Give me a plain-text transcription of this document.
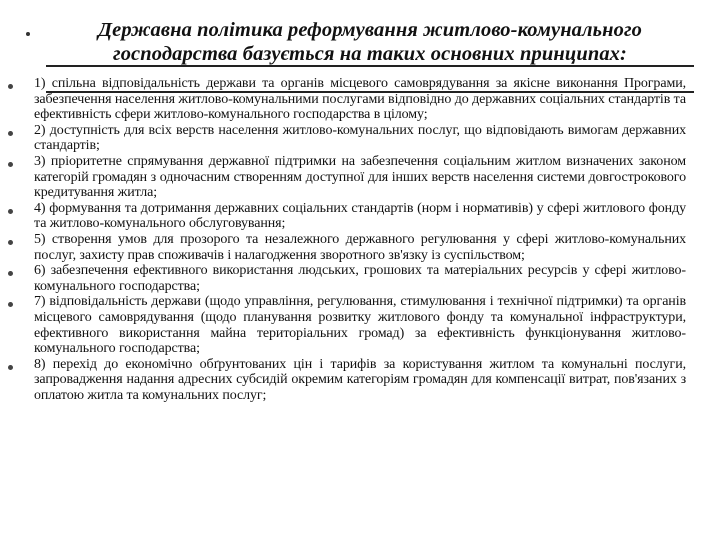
Державна політика реформування житлово-комунального господарства базується на таких основних принципах:
1) спільна відповідальність держави та органів місцевого самоврядування за якісне виконання Програми, забезпечення населення житлово-комунальними послугами відповідно до державних соціальних стандартів та ефективність сфери житлово-комунального господарства в цілому;
2) доступність для всіх верств населення житлово-комунальних послуг, що відповідають вимогам державних стандартів;
3) пріоритетне спрямування державної підтримки на забезпечення соціальним житлом визначених законом категорій громадян з одночасним створенням доступної для інших верств населення системи довгострокового кредитування житла;
4) формування та дотримання державних соціальних стандартів (норм і нормативів) у сфері житлового фонду та житлово-комунального обслуговування;
5) створення умов для прозорого та незалежного державного регулювання у сфері житлово-комунальних послуг, захисту прав споживачів і налагодження зворотного зв'язку із суспільством;
6) забезпечення ефективного використання людських, грошових та матеріальних ресурсів у сфері житлово-комунального господарства;
7) відповідальність держави (щодо управління, регулювання, стимулювання і технічної підтримки) та органів місцевого самоврядування (щодо планування розвитку житлового фонду та комунальної інфраструктури, ефективного використання майна територіальних громад) за ефективність функціонування житлово-комунального господарства;
8) перехід до економічно обґрунтованих цін і тарифів за користування житлом та комунальні послуги, запровадження надання адресних субсидій окремим категоріям громадян для компенсації витрат, пов'язаних з оплатою житла та комунальних послуг;
